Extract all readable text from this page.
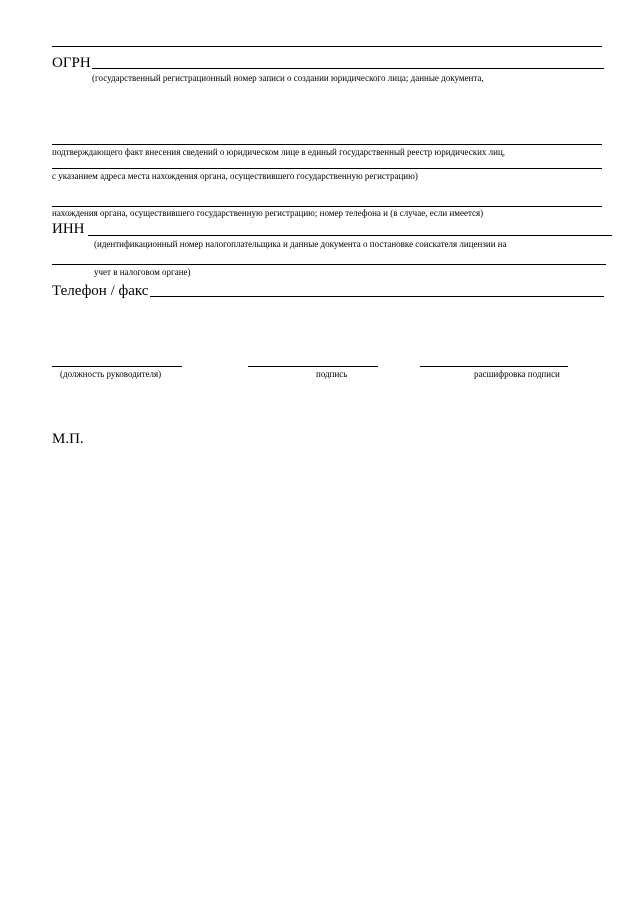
ОГРН
(государственный регистрационный номер записи о создании юридического лица; данные документа,
подтверждающего факт внесения сведений о юридическом лице в единый государственный реестр юридических лиц,
с указанием адреса места нахождения органа, осуществившего государственную регистрацию)
нахождения органа, осуществившего государственную регистрацию; номер телефона и (в случае, если имеется)
ИНН
(идентификационный номер налогоплательщика и данные документа о постановке соискателя лицензии на
учет в налоговом органе)
Телефон / факс
(должность руководителя)	подпись	расшифровка подписи
М.П.
